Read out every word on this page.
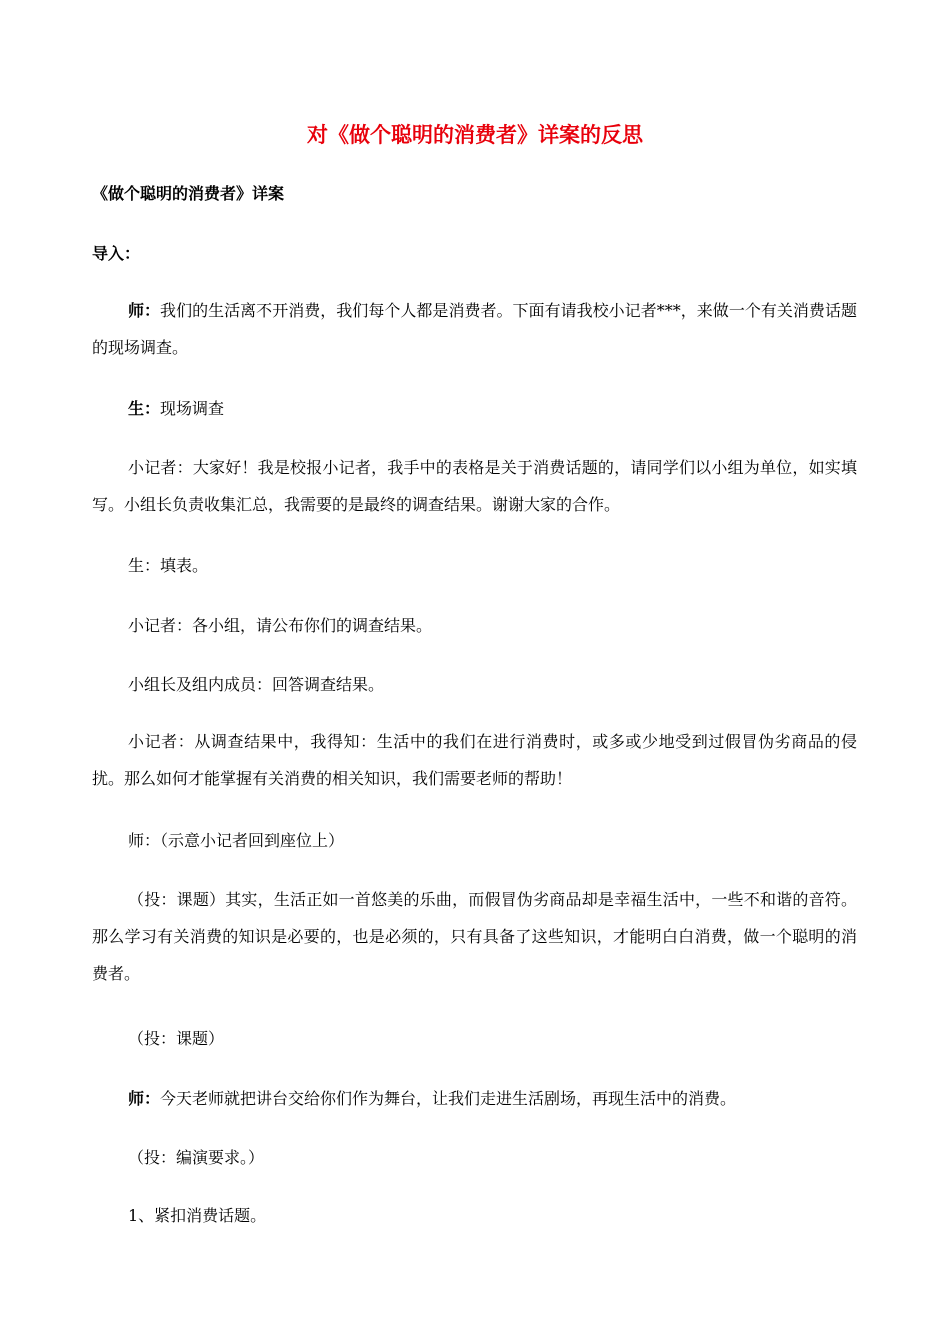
对《做个聪明的消费者》详案的反思
《做个聪明的消费者》详案
导入：
师：我们的生活离不开消费，我们每个人都是消费者。下面有请我校小记者***，来做一个有关消费话题的现场调查。
生：现场调查
小记者：大家好！我是校报小记者，我手中的表格是关于消费话题的，请同学们以小组为单位，如实填写。小组长负责收集汇总，我需要的是最终的调查结果。谢谢大家的合作。
生：填表。
小记者：各小组，请公布你们的调查结果。
小组长及组内成员：回答调查结果。
小记者：从调查结果中，我得知：生活中的我们在进行消费时，或多或少地受到过假冒伪劣商品的侵扰。那么如何才能掌握有关消费的相关知识，我们需要老师的帮助！
师：（示意小记者回到座位上）
（投：课题）其实，生活正如一首悠美的乐曲，而假冒伪劣商品却是幸福生活中，一些不和谐的音符。那么学习有关消费的知识是必要的，也是必须的，只有具备了这些知识，才能明白白消费，做一个聪明的消费者。
（投：课题）
师：今天老师就把讲台交给你们作为舞台，让我们走进生活剧场，再现生活中的消费。
（投：编演要求。）
1、紧扣消费话题。
